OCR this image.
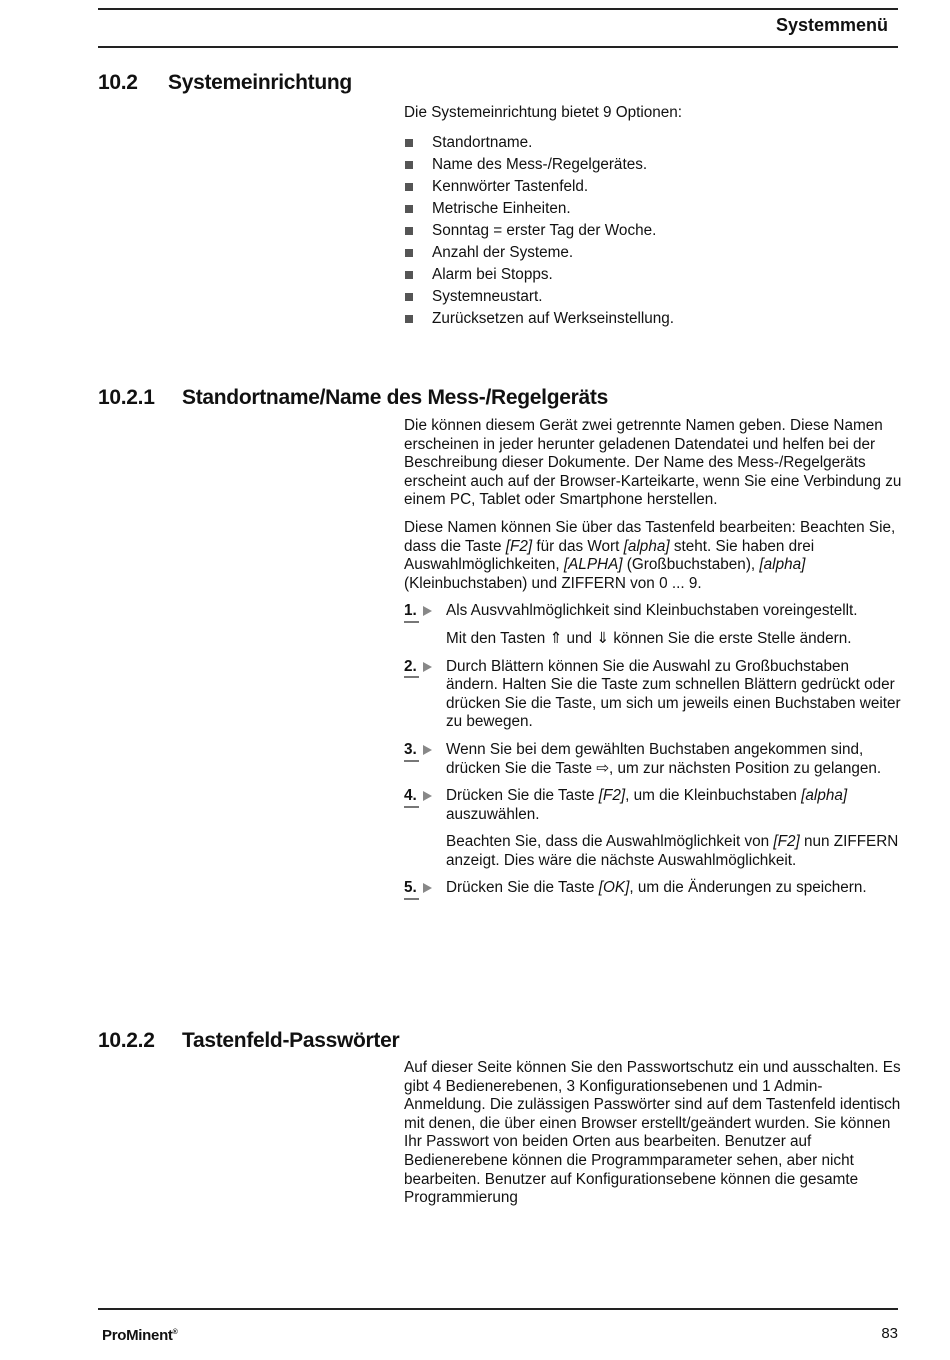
Systemmenü
10.2 Systemeinrichtung

Die Systemeinrichtung bietet 9 Optionen:

Standortname.
Name des Mess-/Regelgerätes.
Kennwörter Tastenfeld.
Metrische Einheiten.
Sonntag = erster Tag der Woche.
Anzahl der Systeme.
Alarm bei Stopps.
Systemneustart.
Zurücksetzen auf Werkseinstellung.
10.2.1 Standortname/Name des Mess-/Regelgeräts

Die können diesem Gerät zwei getrennte Namen geben. Diese Namen erscheinen in jeder herunter geladenen Datendatei und helfen bei der Beschreibung dieser Dokumente. Der Name des Mess-/Regelgeräts erscheint auch auf der Browser-Karteikarte, wenn Sie eine Verbindung zu einem PC, Tablet oder Smartphone herstellen.

Diese Namen können Sie über das Tastenfeld bearbeiten: Beachten Sie, dass die Taste [F2] für das Wort [alpha] steht. Sie haben drei Auswahlmöglichkeiten, [ALPHA] (Großbuchstaben), [alpha] (Kleinbuchstaben) und ZIFFERN von 0 ... 9.

1.	Als Ausvvahlmöglichkeit sind Kleinbuchstaben voreingestellt.

Mit den Tasten ⇑ und ⇓ können Sie die erste Stelle ändern.

2.	Durch Blättern können Sie die Auswahl zu Großbuchstaben ändern. Halten Sie die Taste zum schnellen Blättern gedrückt oder drücken Sie die Taste, um sich um jeweils einen Buchstaben weiter zu bewegen.

3.	Wenn Sie bei dem gewählten Buchstaben angekommen sind, drücken Sie die Taste ⇨, um zur nächsten Position zu gelangen.

4.	Drücken Sie die Taste [F2], um die Kleinbuchstaben [alpha] auszuwählen.

Beachten Sie, dass die Auswahlmöglichkeit von [F2] nun ZIFFERN anzeigt. Dies wäre die nächste Auswahlmöglichkeit.

5.	Drücken Sie die Taste [OK], um die Änderungen zu speichern.

10.2.2 Tastenfeld-Passwörter

Auf dieser Seite können Sie den Passwortschutz ein und ausschalten. Es gibt 4 Bedienerebenen, 3 Konfigurationsebenen und 1 Admin-Anmeldung. Die zulässigen Passwörter sind auf dem Tastenfeld identisch mit denen, die über einen Browser erstellt/geändert wurden. Sie können Ihr Passwort von beiden Orten aus bearbeiten. Benutzer auf Bedienerebene können die Programmparameter sehen, aber nicht bearbeiten. Benutzer auf Konfigurationsebene können die gesamte Programmierung

ProMinent®	83
